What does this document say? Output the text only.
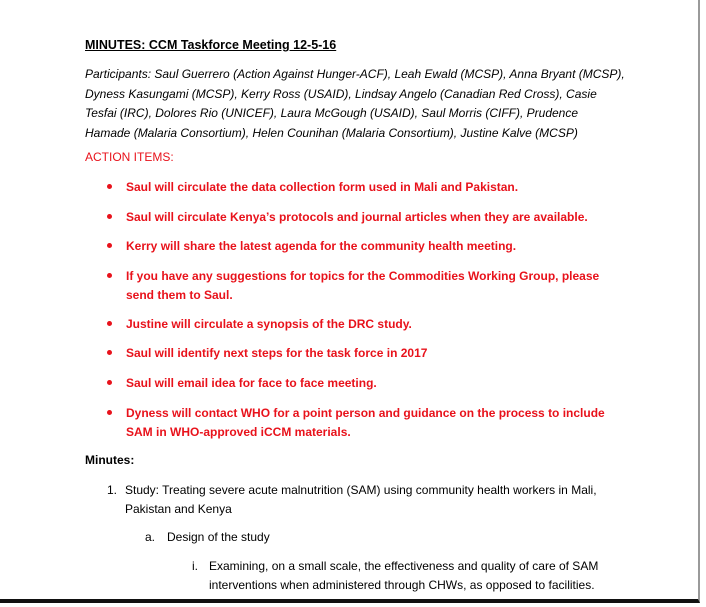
MINUTES: CCM Taskforce Meeting 12-5-16
Participants: Saul Guerrero (Action Against Hunger-ACF), Leah Ewald (MCSP), Anna Bryant (MCSP), Dyness Kasungami (MCSP), Kerry Ross (USAID), Lindsay Angelo (Canadian Red Cross), Casie Tesfai (IRC), Dolores Rio (UNICEF), Laura McGough (USAID), Saul Morris (CIFF), Prudence Hamade (Malaria Consortium), Helen Counihan (Malaria Consortium), Justine Kalve (MCSP)
ACTION ITEMS:
Saul will circulate the data collection form used in Mali and Pakistan.
Saul will circulate Kenya’s protocols and journal articles when they are available.
Kerry will share the latest agenda for the community health meeting.
If you have any suggestions for topics for the Commodities Working Group, please send them to Saul.
Justine will circulate a synopsis of the DRC study.
Saul will identify next steps for the task force in 2017
Saul will email idea for face to face meeting.
Dyness will contact WHO for a point person and guidance on the process to include SAM in WHO-approved iCCM materials.
Minutes:
1. Study: Treating severe acute malnutrition (SAM) using community health workers in Mali, Pakistan and Kenya
a. Design of the study
i. Examining, on a small scale, the effectiveness and quality of care of SAM interventions when administered through CHWs, as opposed to facilities.
